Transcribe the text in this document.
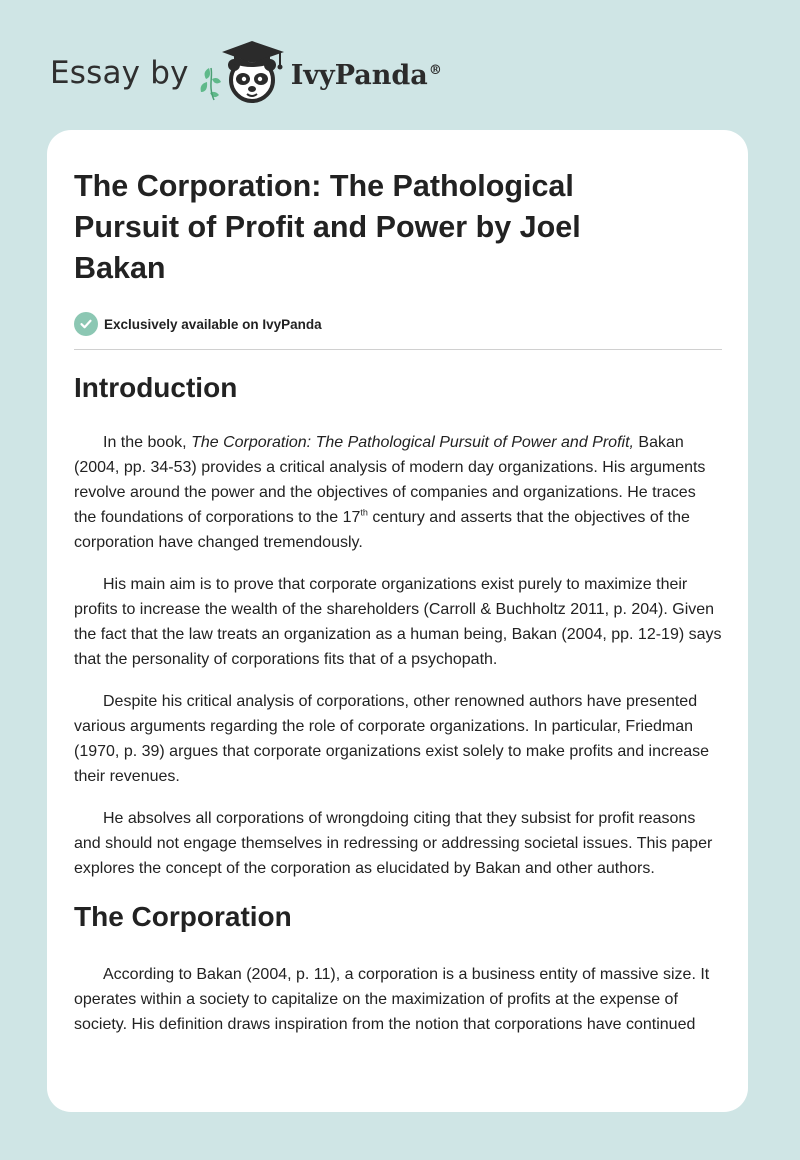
Essay by	IvyPanda®
The Corporation: The Pathological Pursuit of Profit and Power by Joel Bakan
Exclusively available on IvyPanda
Introduction

In the book, The Corporation: The Pathological Pursuit of Power and Profit, Bakan (2004, pp. 34-53) provides a critical analysis of modern day organizations. His arguments revolve around the power and the objectives of companies and organizations. He traces the foundations of corporations to the 17th century and asserts that the objectives of the corporation have changed tremendously.

His main aim is to prove that corporate organizations exist purely to maximize their profits to increase the wealth of the shareholders (Carroll & Buchholtz 2011, p. 204). Given the fact that the law treats an organization as a human being, Bakan (2004, pp. 12-19) says that the personality of corporations fits that of a psychopath.

Despite his critical analysis of corporations, other renowned authors have presented various arguments regarding the role of corporate organizations. In particular, Friedman (1970, p. 39) argues that corporate organizations exist solely to make profits and increase their revenues.

He absolves all corporations of wrongdoing citing that they subsist for profit reasons and should not engage themselves in redressing or addressing societal issues. This paper explores the concept of the corporation as elucidated by Bakan and other authors.

The Corporation

According to Bakan (2004, p. 11), a corporation is a business entity of massive size. It operates within a society to capitalize on the maximization of profits at the expense of society. His definition draws inspiration from the notion that corporations have continued
